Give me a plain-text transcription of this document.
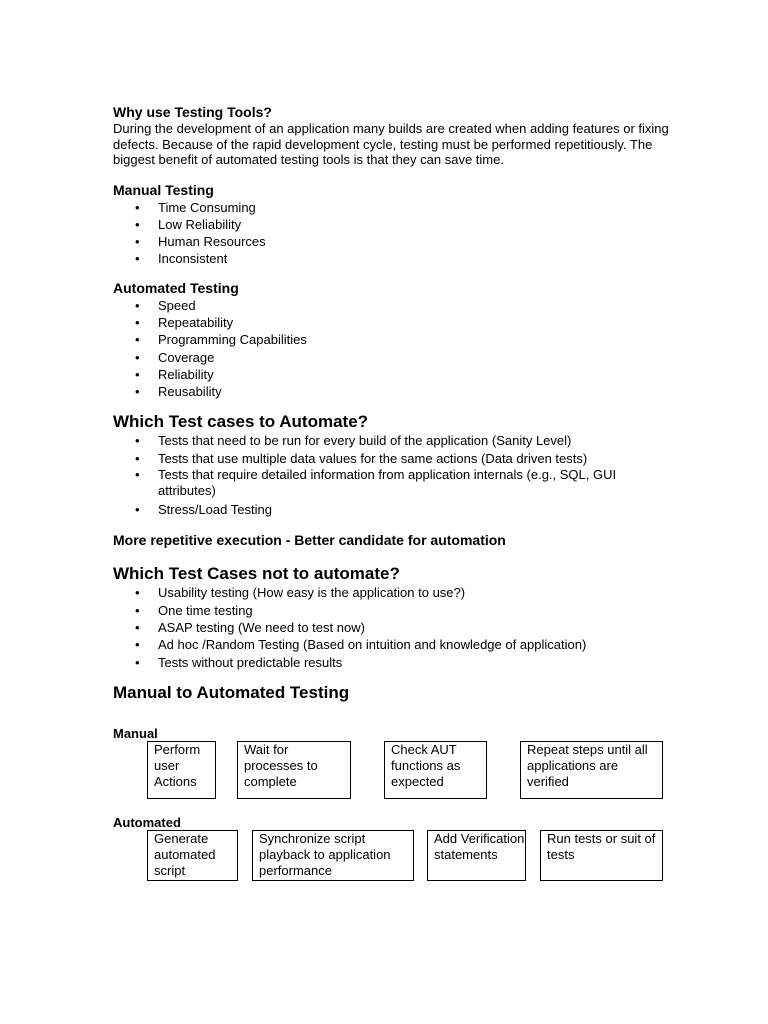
Why use Testing Tools?

During the development of an application many builds are created when adding features or fixing defects. Because of the rapid development cycle, testing must be performed repetitiously. The biggest benefit of automated testing tools is that they can save time.

Manual Testing
• Time Consuming
• Low Reliability
• Human Resources
• Inconsistent
Automated Testing
• Speed
• Repeatability
• Programming Capabilities
• Coverage
• Reliability
• Reusability
Which Test cases to Automate?
• Tests that need to be run for every build of the application (Sanity Level)
• Tests that use multiple data values for the same actions (Data driven tests)
• Tests that require detailed information from application internals (e.g., SQL, GUI attributes)
• Stress/Load Testing
More repetitive execution - Better candidate for automation
Which Test Cases not to automate?
• Usability testing (How easy is the application to use?)
• One time testing
• ASAP testing (We need to test now)
• Ad hoc /Random Testing (Based on intuition and knowledge of application)
• Tests without predictable results
Manual to Automated Testing
Manual
Perform user Actions
Wait for processes to complete
Check AUT functions as expected
Repeat steps until all applications are verified
Automated
Generate automated script
Synchronize script playback to application performance
Add Verification statements
Run tests or suit of tests
